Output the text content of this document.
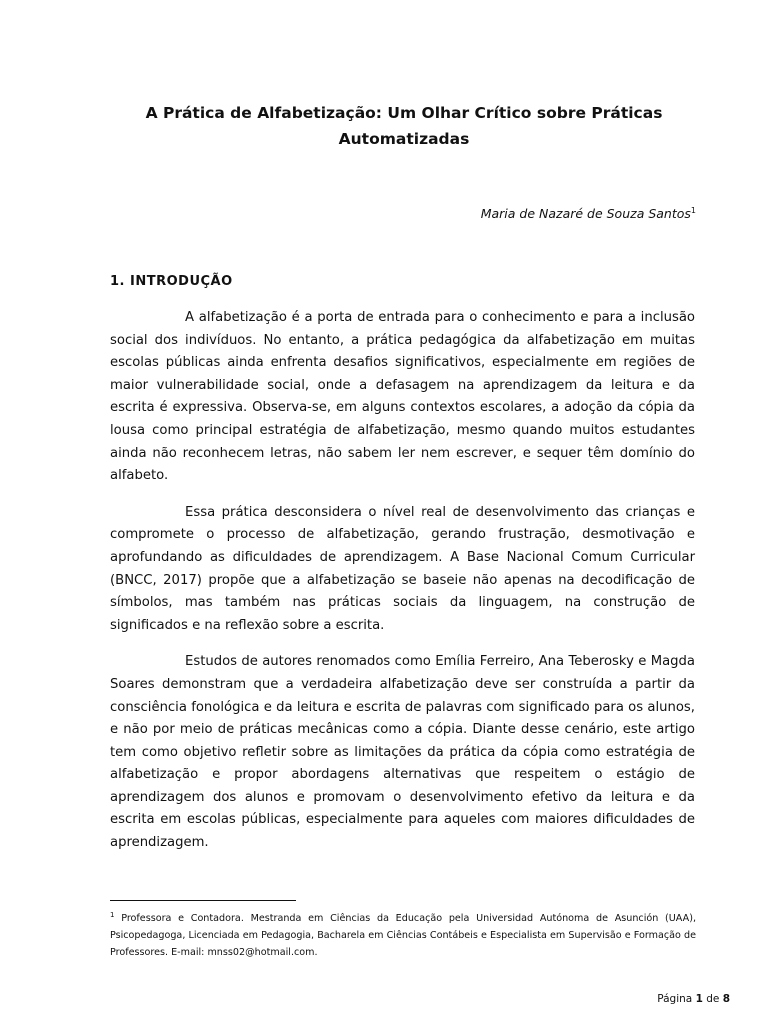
A Prática de Alfabetização: Um Olhar Crítico sobre Práticas Automatizadas
Maria de Nazaré de Souza Santos$^1$
1. INTRODUÇÃO

A alfabetização é a porta de entrada para o conhecimento e para a inclusão social dos indivíduos. No entanto, a prática pedagógica da alfabetização em muitas escolas públicas ainda enfrenta desafios significativos, especialmente em regiões de maior vulnerabilidade social, onde a defasagem na aprendizagem da leitura e da escrita é expressiva. Observa-se, em alguns contextos escolares, a adoção da cópia da lousa como principal estratégia de alfabetização, mesmo quando muitos estudantes ainda não reconhecem letras, não sabem ler nem escrever, e sequer têm domínio do alfabeto.

Essa prática desconsidera o nível real de desenvolvimento das crianças e compromete o processo de alfabetização, gerando frustração, desmotivação e aprofundando as dificuldades de aprendizagem. A Base Nacional Comum Curricular (BNCC, 2017) propõe que a alfabetização se baseie não apenas na decodificação de símbolos, mas também nas práticas sociais da linguagem, na construção de significados e na reflexão sobre a escrita.

Estudos de autores renomados como Emília Ferreiro, Ana Teberosky e Magda Soares demonstram que a verdadeira alfabetização deve ser construída a partir da consciência fonológica e da leitura e escrita de palavras com significado para os alunos, e não por meio de práticas mecânicas como a cópia. Diante desse cenário, este artigo tem como objetivo refletir sobre as limitações da prática da cópia como estratégia de alfabetização e propor abordagens alternativas que respeitem o estágio de aprendizagem dos alunos e promovam o desenvolvimento efetivo da leitura e da escrita em escolas públicas, especialmente para aqueles com maiores dificuldades de aprendizagem.

$^1$ Professora e Contadora. Mestranda em Ciências da Educação pela Universidad Autónoma de Asunción (UAA), Psicopedagoga, Licenciada em Pedagogia, Bacharela em Ciências Contábeis e Especialista em Supervisão e Formação de Professores. E-mail: mnss02@hotmail.com.
Página 1 de 8
